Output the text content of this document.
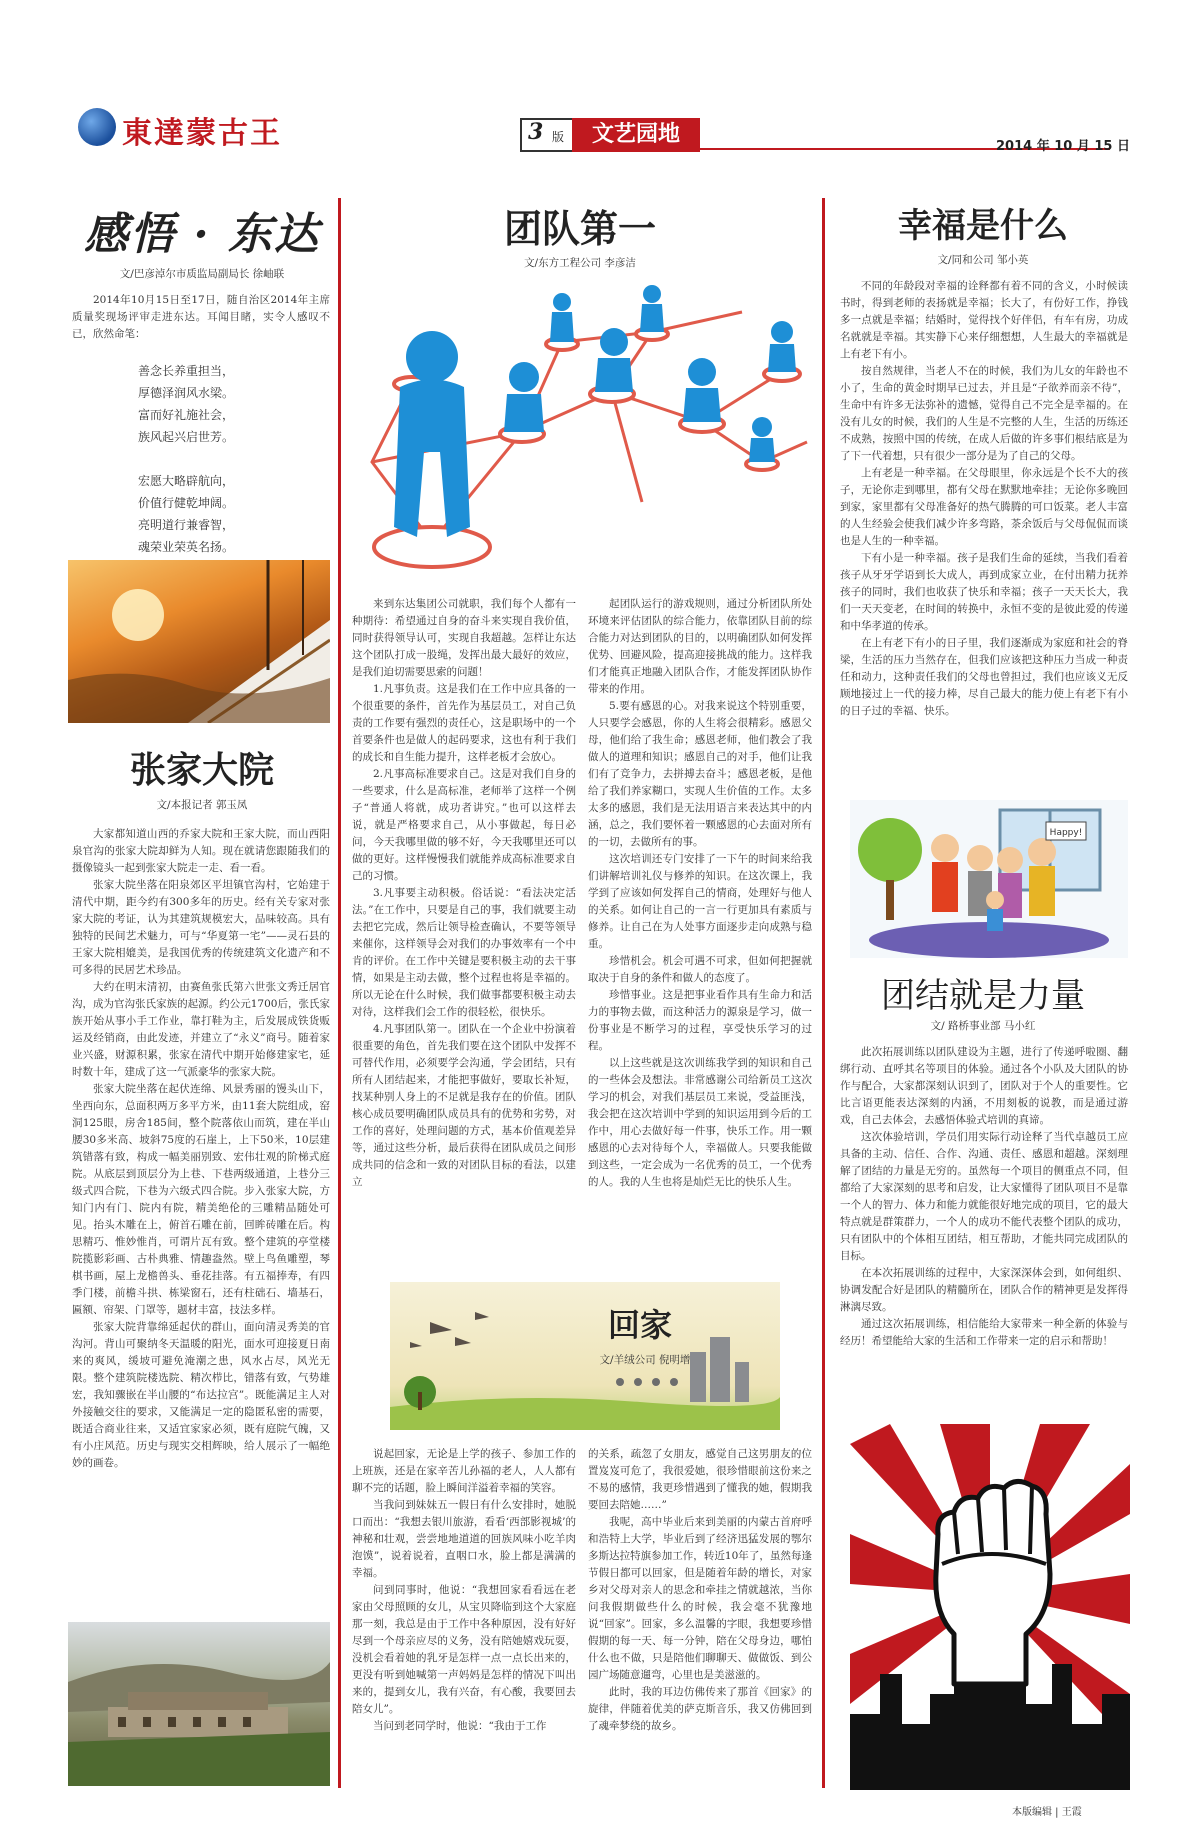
東達蒙古王	3 版	文艺园地	2014 年 10 月 15 日
感悟 · 东达
文/巴彦淖尔市质监局副局长 徐岫联

2014年10月15日至17日，随自治区2014年主席质量奖现场评审走进东达。耳闻目睹，实令人感叹不已，欣然命笔：

善念长养重担当，
厚德泽润风水梁。
富而好礼施社会，
族风起兴启世芳。
宏愿大略辟航向，
价值行健乾坤阔。
亮明道行兼睿智，
魂荣业荣英名扬。
张家大院
文/本报记者 郭玉凤

大家都知道山西的乔家大院和王家大院，而山西阳泉官沟的张家大院却鲜为人知。现在就请您跟随我们的摄像镜头一起到张家大院走一走、看一看。

张家大院坐落在阳泉郊区平坦镇官沟村，它始建于清代中期，距今约有300多年的历史。经有关专家对张家大院的考证，认为其建筑规模宏大，品味较高。具有独特的民间艺术魅力，可与“华夏第一宅”——灵石县的王家大院相媲美，是我国优秀的传统建筑文化遗产和不可多得的民居艺术珍品。

大约在明末清初，由赛鱼张氏第六世张文秀迁居官沟，成为官沟张氏家族的起源。约公元1700后，张氏家族开始从事小手工作业，靠打鞋为主，后发展成铁货贩运及经销商，由此发迹，并建立了“永义”商号。随着家业兴盛，财源积累，张家在清代中期开始修建家宅，延时数十年，建成了这一气派豪华的张家大院。

张家大院坐落在起伏连绵、风景秀丽的馒头山下，坐西向东，总面积两万多平方米，由11套大院组成，窑洞125眼，房舍185间，整个院落依山而筑，建在半山腰30多米高、坡斜75度的石崖上，上下50米，10层建筑错落有致，构成一幅美丽别致、宏伟壮观的阶梯式庭院。从底层到顶层分为上巷、下巷两级通道，上巷分三级式四合院，下巷为六级式四合院。步入张家大院，方知门内有门、院内有院，精美绝伦的三雕精品随处可见。抬头木雕在上，俯首石雕在前，回眸砖雕在后。构思精巧、惟妙惟肖，可谓片瓦有致。整个建筑的亭堂楼院揽影彩画、古朴典雅、情趣盎然。壁上鸟鱼雕塑，琴棋书画，屋上龙檐兽头、垂花挂落。有五福捧寿，有四季门楼，前檐斗拱、栋梁窗石，还有柱础石、墙基石，匾额、帘架、门罩等，题材丰富，技法多样。

张家大院背靠绵延起伏的群山，面向清灵秀美的官沟河。背山可聚纳冬天温暖的阳光，面水可迎接夏日南来的爽风，缓坡可避免淹潮之患，风水占尽，风光无限。整个建筑院楼选院、精次栉比，错落有致，气势雄宏，我知骤嵌在半山腰的“布达拉宫”。既能满足主人对外接触交往的要求，又能满足一定的隐匿私密的需要，既适合商业往来，又适宜家家必须，既有庭院气魄，又有小庄风范。历史与现实交相辉映，给人展示了一幅绝妙的画卷。

团队第一
文/东方工程公司 李彦洁

来到东达集团公司就职，我们每个人都有一种期待：希望通过自身的奋斗来实现自我价值，同时获得领导认可，实现自我超越。怎样让东达这个团队打成一股绳，发挥出最大最好的效应，是我们迫切需要思索的问题！

1.凡事负责。这是我们在工作中应具备的一个很重要的条件，首先作为基层员工，对自己负责的工作要有强烈的责任心，这是职场中的一个首要条件也是做人的起码要求，这也有利于我们的成长和自生能力提升，这样老板才会放心。

2.凡事高标准要求自己。这是对我们自身的一些要求，什么是高标准，老师举了这样一个例子“普通人将就，成功者讲究。”也可以这样去说，就是严格要求自己，从小事做起，每日必问，今天我哪里做的够不好，今天我哪里还可以做的更好。这样慢慢我们就能养成高标准要求自己的习惯。

3.凡事要主动积极。俗话说：“看法决定活法。”在工作中，只要是自己的事，我们就要主动去把它完成，然后让领导检查确认，不要等领导来催你，这样领导会对我们的办事效率有一个中肯的评价。在工作中关键是要积极主动的去干事情，如果是主动去做，整个过程也将是幸福的。所以无论在什么时候，我们做事都要积极主动去对待，这样我们会工作的很轻松，很快乐。

4.凡事团队第一。团队在一个企业中扮演着很重要的角色，首先我们要在这个团队中发挥不可替代作用，必须要学会沟通，学会团结，只有所有人团结起来，才能把事做好，要取长补短，找某种别人身上的不足就是我存在的价值。团队核心成员要明确团队成员具有的优势和劣势，对工作的喜好，处理问题的方式，基本价值观差异等，通过这些分析，最后获得在团队成员之间形成共同的信念和一致的对团队目标的看法，以建立

起团队运行的游戏规则，通过分析团队所处环境来评估团队的综合能力，依靠团队目前的综合能力对达到团队的目的，以明确团队如何发挥优势、回避风险，提高迎接挑战的能力。这样我们才能真正地融入团队合作，才能发挥团队协作带来的作用。

5.要有感恩的心。对我来说这个特别重要，人只要学会感恩，你的人生将会很精彩。感恩父母，他们给了我生命；感恩老师，他们教会了我做人的道理和知识；感恩自己的对手，他们让我们有了竞争力，去拼搏去奋斗；感恩老板，是他给了我们养家糊口，实现人生价值的工作。太多太多的感恩，我们是无法用语言来表达其中的内涵，总之，我们要怀着一颗感恩的心去面对所有的一切，去做所有的事。

这次培训还专门安排了一下午的时间来给我们讲解培训礼仪与修养的知识。在这次课上，我学到了应该如何发挥自己的情商，处理好与他人的关系。如何让自己的一言一行更加具有素质与修养。让自己在为人处事方面逐步走向成熟与稳重。

珍惜机会。机会可遇不可求，但如何把握就取决于自身的条件和做人的态度了。

珍惜事业。这是把事业看作具有生命力和活力的事物去做，而这种活力的源泉是学习，做一份事业是不断学习的过程，享受快乐学习的过程。

以上这些就是这次训练我学到的知识和自己的一些体会及想法。非常感谢公司给新员工这次学习的机会，对我们基层员工来说，受益匪浅，我会把在这次培训中学到的知识运用到今后的工作中，用心去做好每一件事，快乐工作。用一颗感恩的心去对待每个人，幸福做人。只要我能做到这些，一定会成为一名优秀的员工，一个优秀的人。我的人生也将是灿烂无比的快乐人生。

回家
文/羊绒公司 倪明增

说起回家，无论是上学的孩子、参加工作的上班族，还是在家辛苦儿孙福的老人，人人都有聊不完的话题，脸上瞬间洋溢着幸福的笑容。

当我问到妹妹五一假日有什么安排时，她脱口而出：“我想去银川旅游，看看‘西部影视城’的神秘和壮观，尝尝地地道道的回族风味小吃羊肉泡馍”，说着说着，直咽口水，脸上都是满满的幸福。

问到同事时，他说：“我想回家看看远在老家由父母照顾的女儿，从宝贝降临到这个大家庭那一刻，我总是由于工作中各种原因，没有好好尽到一个母亲应尽的义务，没有陪她嬉戏玩耍，没机会看着她的乳牙是怎样一点一点长出来的，更没有听到她喊第一声妈妈是怎样的情况下叫出来的，提到女儿，我有兴奋，有心酸，我要回去陪女儿”。

当问到老同学时，他说：“我由于工作

的关系，疏忽了女朋友，感觉自己这男朋友的位置岌岌可危了，我很爱她，很珍惜眼前这份来之不易的感情，我更珍惜遇到了懂我的她，假期我要回去陪她……”

我呢，高中毕业后来到美丽的内蒙古首府呼和浩特上大学，毕业后到了经济迅猛发展的鄂尔多斯达拉特旗参加工作，转近10年了，虽然每逢节假日都可以回家，但是随着年龄的增长，对家乡对父母对亲人的思念和牵挂之情就越浓，当你问我假期做些什么的时候，我会毫不犹豫地说“回家”。回家，多么温馨的字眼，我想要珍惜假期的每一天、每一分钟，陪在父母身边，哪怕什么也不做，只是陪他们聊聊天、做做饭、到公园广场随意遛弯，心里也是美滋滋的。

此时，我的耳边仿佛传来了那首《回家》的旋律，伴随着优美的萨克斯音乐，我又仿佛回到了魂牵梦绕的故乡。

幸福是什么
文/同和公司 邹小英

不同的年龄段对幸福的诠释都有着不同的含义，小时候读书时，得到老师的表扬就是幸福；长大了，有份好工作，挣钱多一点就是幸福；结婚时，觉得找个好伴侣，有车有房，功成名就就是幸福。其实静下心来仔细想想，人生最大的幸福就是上有老下有小。

按自然规律，当老人不在的时候，我们为儿女的年龄也不小了，生命的黄金时期早已过去，并且是“子欲养而亲不待”，生命中有许多无法弥补的遗憾，觉得自己不完全是幸福的。在没有儿女的时候，我们的人生是不完整的人生，生活的历练还不成熟，按照中国的传统，在成人后做的许多事们根结底是为了下一代着想，只有很少一部分是为了自己的父母。

上有老是一种幸福。在父母眼里，你永远是个长不大的孩子，无论你走到哪里，都有父母在默默地牵挂；无论你多晚回到家，家里都有父母准备好的热气腾腾的可口饭菜。老人丰富的人生经验会使我们减少许多弯路，茶余饭后与父母侃侃而谈也是人生的一种幸福。

下有小是一种幸福。孩子是我们生命的延续，当我们看着孩子从牙牙学语到长大成人，再到成家立业，在付出精力抚养孩子的同时，我们也收获了快乐和幸福；孩子一天天长大，我们一天天变老，在时间的转换中，永恒不变的是彼此爱的传递和中华孝道的传承。

在上有老下有小的日子里，我们逐渐成为家庭和社会的脊梁，生活的压力当然存在，但我们应该把这种压力当成一种责任和动力，这种责任我们的父母也曾担过，我们也应该义无反顾地接过上一代的接力棒，尽自己最大的能力使上有老下有小的日子过的幸福、快乐。

Happy!
团结就是力量
文/ 路桥事业部 马小红

此次拓展训练以团队建设为主题，进行了传递呼啦圈、翻绑行动、直呼其名等项目的体验。通过各个小队及大团队的协作与配合，大家都深刻认识到了，团队对于个人的重要性。它比言语更能表达深刻的内涵，不用刻板的说教，而是通过游戏，自己去体会，去感悟体验式培训的真谛。

这次体验培训，学员们用实际行动诠释了当代卓越员工应具备的主动、信任、合作、沟通、责任、感恩和超越。深刻理解了团结的力量是无穷的。虽然每一个项目的侧重点不同，但都给了大家深刻的思考和启发，让大家懂得了团队项目不是靠一个人的智力、体力和能力就能很好地完成的项目，它的最大特点就是群策群力，一个人的成功不能代表整个团队的成功，只有团队中的个体相互团结，相互帮助，才能共同完成团队的目标。

在本次拓展训练的过程中，大家深深体会到，如何组织、协调发配合好是团队的精髓所在，团队合作的精神更是发挥得淋漓尽致。

通过这次拓展训练，相信能给大家带来一种全新的体验与经历！希望能给大家的生活和工作带来一定的启示和帮助！

本版编辑 | 王霞
